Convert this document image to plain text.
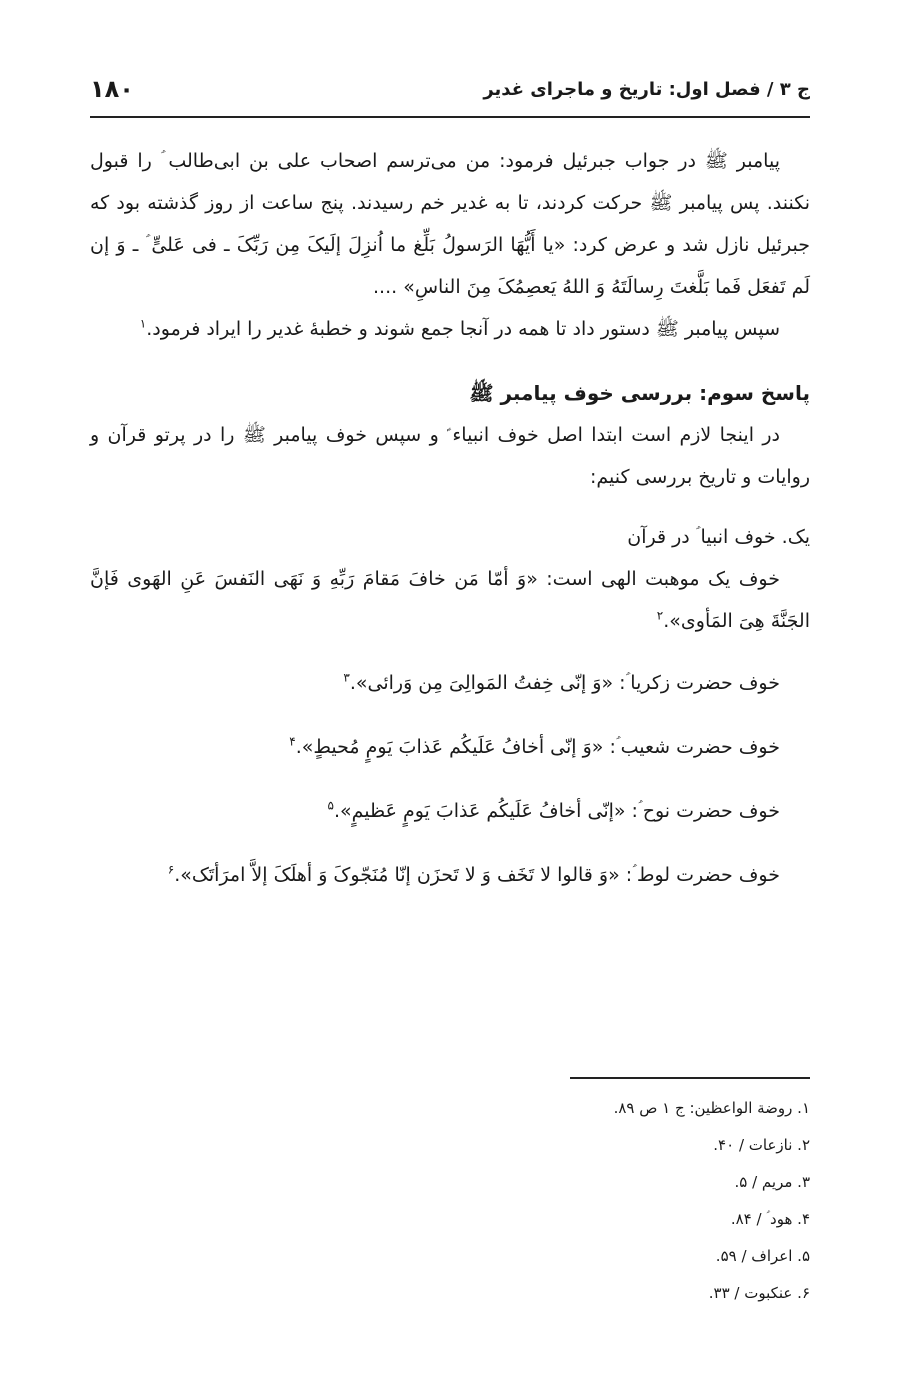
ج ۳ / فصل اول: تاریخ و ماجرای غدیر
۱۸۰

پیامبر ﷺ در جواب جبرئیل فرمود: من می‌ترسم اصحاب علی بن ابی‌طالب ؑ را قبول نکنند. پس پیامبر ﷺ حرکت کردند، تا به غدیر خم رسیدند. پنج ساعت از روز گذشته بود که جبرئیل نازل شد و عرض کرد: «یا أَیُّهَا الرَسولُ بَلِّغ ما اُنزِلَ إلَیکَ مِن رَبِّکَ ـ فی عَلیٍّ ؑ ـ وَ إن لَم تَفعَل فَما بَلَّغتَ رِسالَتَهُ وَ اللهُ یَعصِمُکَ مِنَ الناسِ» ....

سپس پیامبر ﷺ دستور داد تا همه در آنجا جمع شوند و خطبهٔ غدیر را ایراد فرمود.$^۱$

پاسخ سوم: بررسی خوف پیامبر ﷺ

در اینجا لازم است ابتدا اصل خوف انبیاء ؑ و سپس خوف پیامبر ﷺ را در پرتو قرآن و روایات و تاریخ بررسی کنیم:

یک. خوف انبیا ؑ در قرآن

خوف یک موهبت الهی است: «وَ أمّا مَن خافَ مَقامَ رَبِّهِ وَ نَهَی النَفسَ عَنِ الهَوی فَإنَّ الجَنَّةَ هِیَ المَأوی».$^۲$

خوف حضرت زکریا ؑ: «وَ إنّی خِفتُ المَوالِیَ مِن وَرائی».$^۳$

خوف حضرت شعیب ؑ: «وَ إنّی أخافُ عَلَیکُم عَذابَ یَومٍ مُحیطٍ».$^۴$

خوف حضرت نوح ؑ: «إنّی أخافُ عَلَیکُم عَذابَ یَومٍ عَظیمٍ».$^۵$

خوف حضرت لوط ؑ: «وَ قالوا لا تَخَف وَ لا تَحزَن إنّا مُنَجّوکَ وَ أهلَکَ إلاَّ امرَأتَک».$^۶$

۱. روضة الواعظین: ج ۱ ص ۸۹.
۲. نازعات / ۴۰.
۳. مریم / ۵.
۴. هود ؑ / ۸۴.
۵. اعراف / ۵۹.
۶. عنکبوت / ۳۳.
